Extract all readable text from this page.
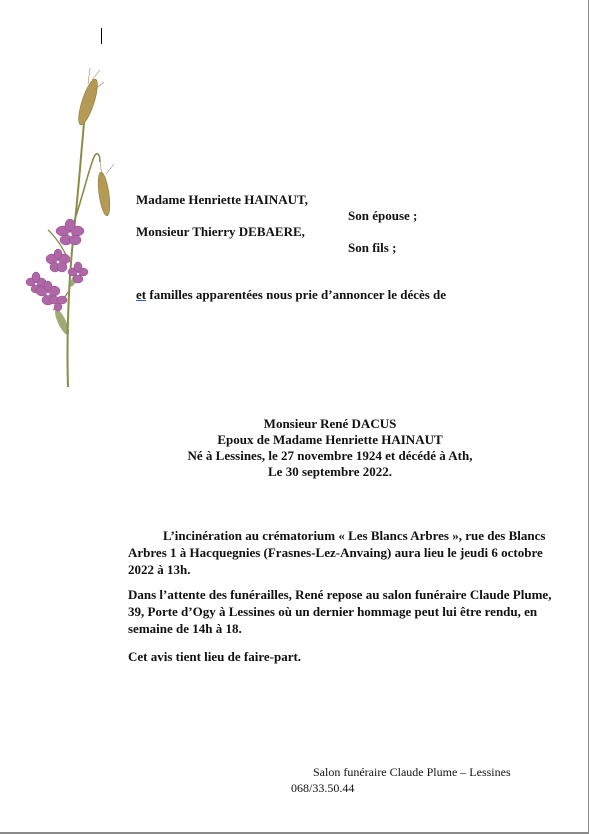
Madame Henriette HAINAUT,
Son épouse ;
Monsieur Thierry DEBAERE,
Son fils ;
et familles apparentées nous prie d’annoncer le décès de
Monsieur René DACUS
Epoux de Madame Henriette HAINAUT
Né à Lessines, le 27 novembre 1924 et décédé à Ath,
Le 30 septembre 2022.
L’incinération au crématorium « Les Blancs Arbres », rue des Blancs Arbres 1 à Hacquegnies (Frasnes-Lez-Anvaing) aura lieu le jeudi 6 octobre 2022 à 13h.
Dans l’attente des funérailles, René repose au salon funéraire Claude Plume, 39, Porte d’Ogy à Lessines où un dernier hommage peut lui être rendu, en semaine de 14h à 18.
Cet avis tient lieu de faire-part.
Salon funéraire Claude Plume – Lessines
068/33.50.44
